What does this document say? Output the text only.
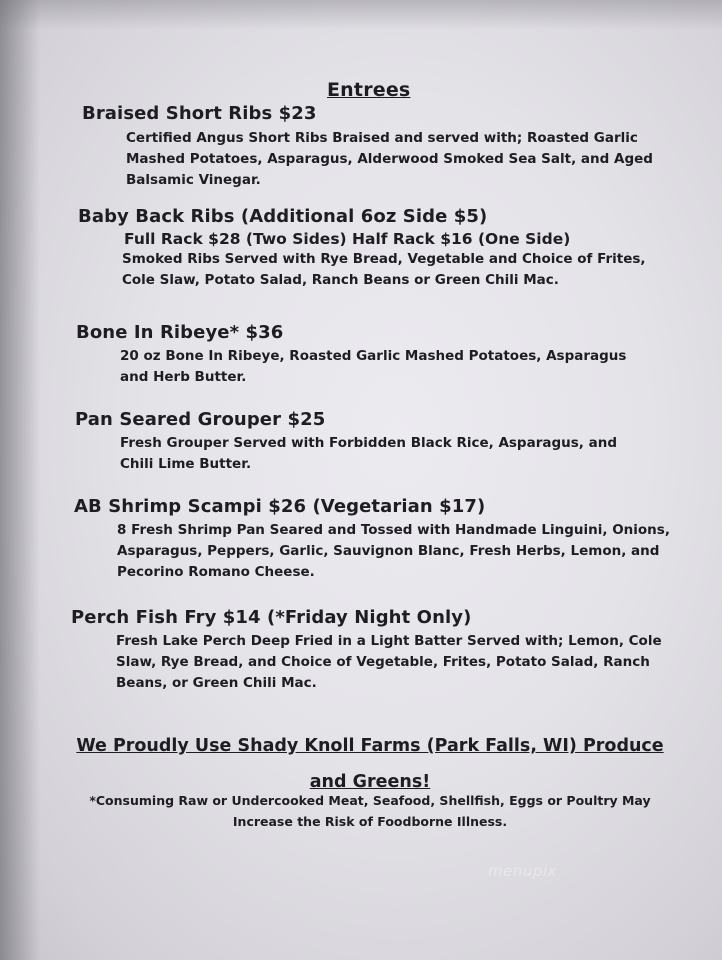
Entrees
Braised Short Ribs $23
Certified Angus Short Ribs Braised and served with; Roasted Garlic Mashed Potatoes, Asparagus, Alderwood Smoked Sea Salt, and Aged Balsamic Vinegar.
Baby Back Ribs (Additional 6oz Side $5)
Full Rack $28 (Two Sides) Half Rack $16 (One Side)
Smoked Ribs Served with Rye Bread, Vegetable and Choice of Frites, Cole Slaw, Potato Salad, Ranch Beans or Green Chili Mac.
Bone In Ribeye* $36
20 oz Bone In Ribeye, Roasted Garlic Mashed Potatoes, Asparagus and Herb Butter.
Pan Seared Grouper $25
Fresh Grouper Served with Forbidden Black Rice, Asparagus, and Chili Lime Butter.
AB Shrimp Scampi $26 (Vegetarian $17)
8 Fresh Shrimp Pan Seared and Tossed with Handmade Linguini, Onions, Asparagus, Peppers, Garlic, Sauvignon Blanc, Fresh Herbs, Lemon, and Pecorino Romano Cheese.
Perch Fish Fry $14 (*Friday Night Only)
Fresh Lake Perch Deep Fried in a Light Batter Served with; Lemon, Cole Slaw, Rye Bread, and Choice of Vegetable, Frites, Potato Salad, Ranch Beans, or Green Chili Mac.
We Proudly Use Shady Knoll Farms (Park Falls, WI) Produce and Greens!
*Consuming Raw or Undercooked Meat, Seafood, Shellfish, Eggs or Poultry May Increase the Risk of Foodborne Illness.
menupix
